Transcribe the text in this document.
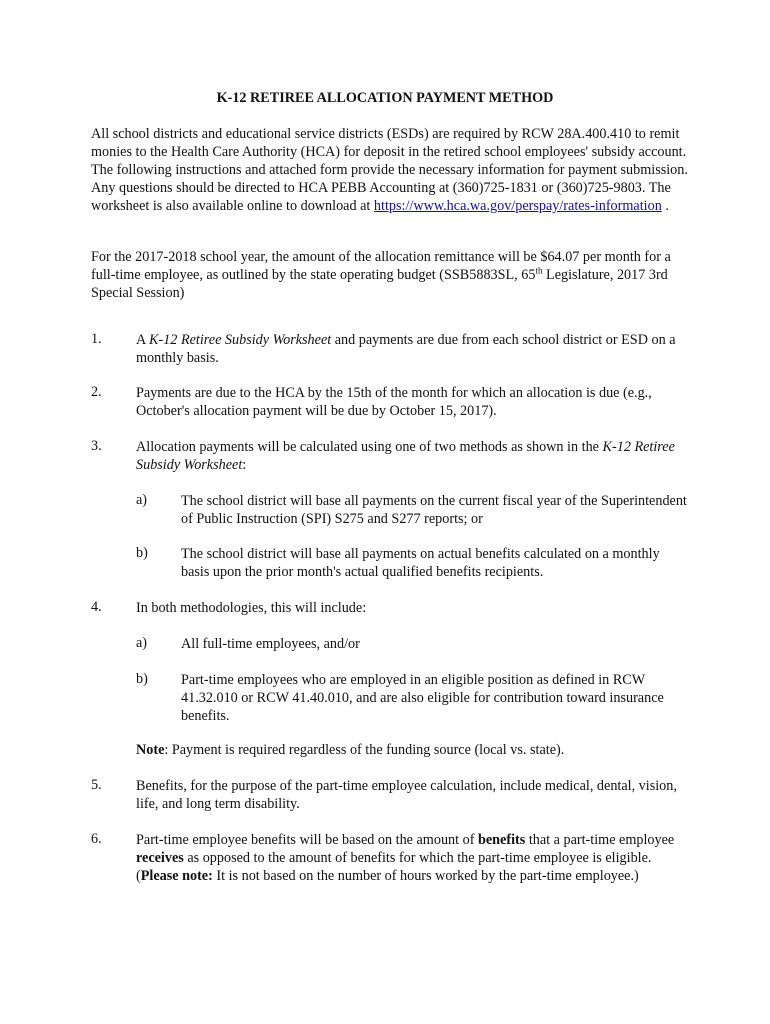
K-12 RETIREE ALLOCATION PAYMENT METHOD
All school districts and educational service districts (ESDs) are required by RCW 28A.400.410 to remit monies to the Health Care Authority (HCA) for deposit in the retired school employees' subsidy account. The following instructions and attached form provide the necessary information for payment submission. Any questions should be directed to HCA PEBB Accounting at (360)725-1831 or (360)725-9803. The worksheet is also available online to download at https://www.hca.wa.gov/perspay/rates-information .
For the 2017-2018 school year, the amount of the allocation remittance will be $64.07 per month for a full-time employee, as outlined by the state operating budget (SSB5883SL, 65th Legislature, 2017 3rd Special Session)
1. A K-12 Retiree Subsidy Worksheet and payments are due from each school district or ESD on a monthly basis.
2. Payments are due to the HCA by the 15th of the month for which an allocation is due (e.g., October's allocation payment will be due by October 15, 2017).
3. Allocation payments will be calculated using one of two methods as shown in the K-12 Retiree Subsidy Worksheet:
a) The school district will base all payments on the current fiscal year of the Superintendent of Public Instruction (SPI) S275 and S277 reports; or
b) The school district will base all payments on actual benefits calculated on a monthly basis upon the prior month's actual qualified benefits recipients.
4. In both methodologies, this will include:
a) All full-time employees, and/or
b) Part-time employees who are employed in an eligible position as defined in RCW 41.32.010 or RCW 41.40.010, and are also eligible for contribution toward insurance benefits.
Note: Payment is required regardless of the funding source (local vs. state).
5. Benefits, for the purpose of the part-time employee calculation, include medical, dental, vision, life, and long term disability.
6. Part-time employee benefits will be based on the amount of benefits that a part-time employee receives as opposed to the amount of benefits for which the part-time employee is eligible. (Please note: It is not based on the number of hours worked by the part-time employee.)
